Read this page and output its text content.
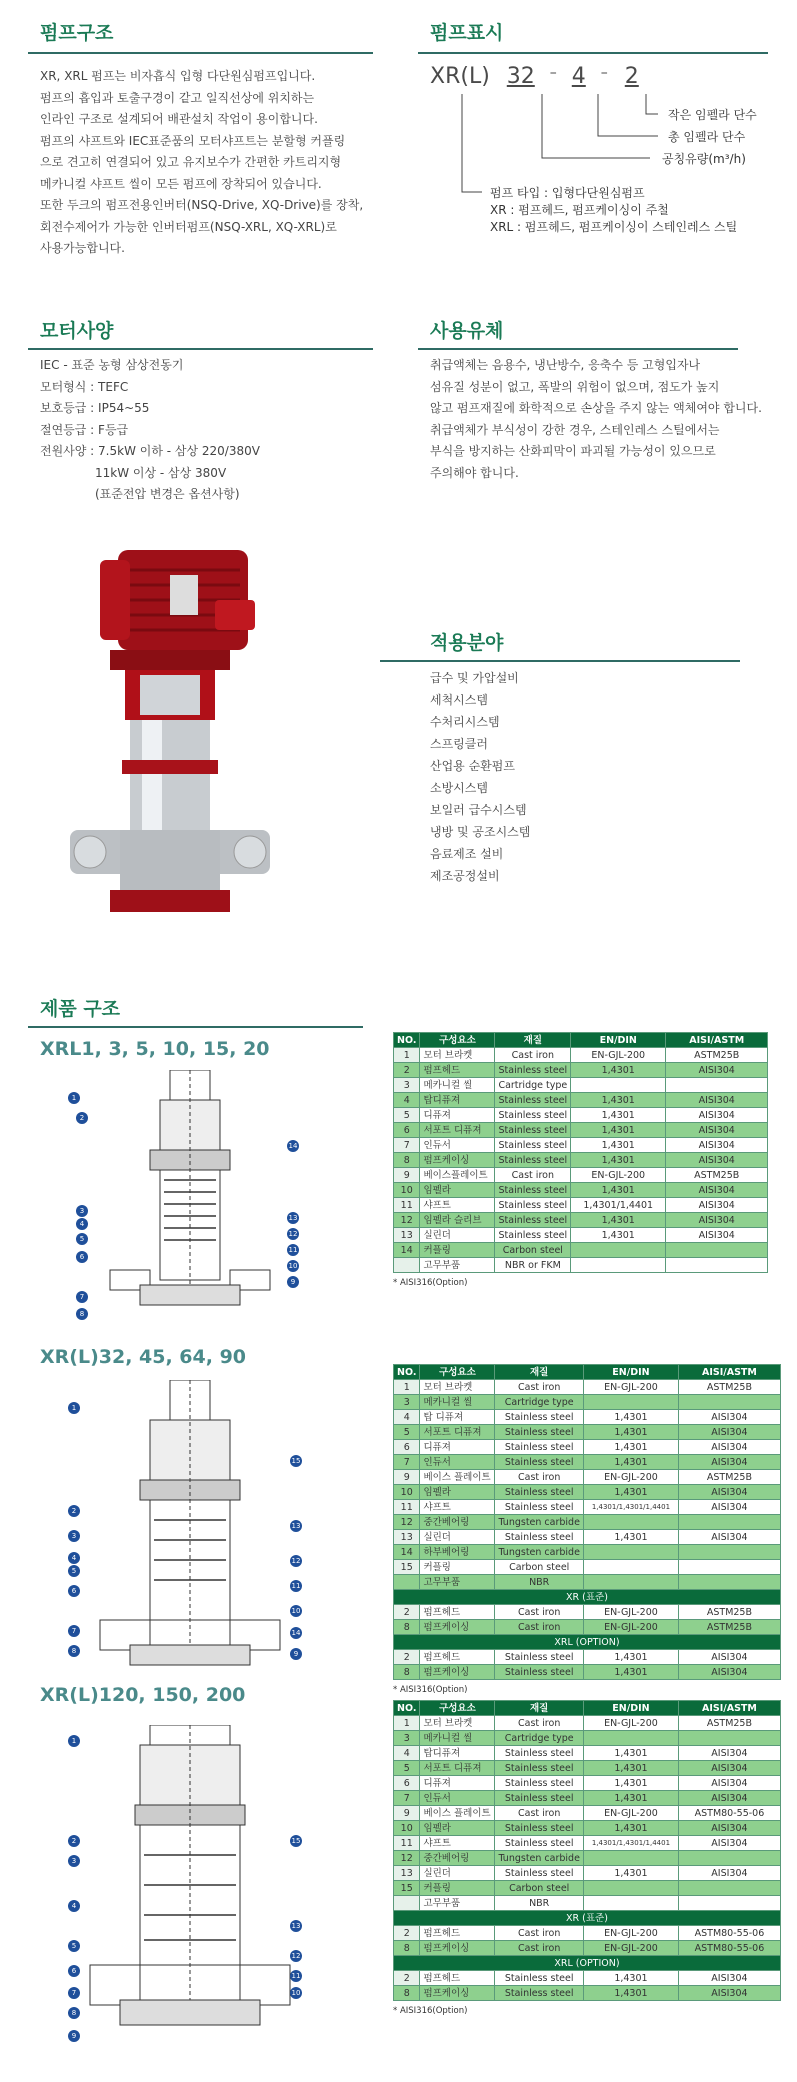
펌프구조
XR, XRL 펌프는 비자흡식 입형 다단원심펌프입니다.
펌프의 흡입과 토출구경이 같고 일직선상에 위치하는
인라인 구조로 설계되어 배관설치 작업이 용이합니다.
펌프의 샤프트와 IEC표준품의 모터샤프트는 분할형 커플링
으로 견고히 연결되어 있고 유지보수가 간편한 카트리지형
메카니컬 샤프트 씰이 모든 펌프에 장착되어 있습니다.
또한 두크의 펌프전용인버터(NSQ-Drive, XQ-Drive)를 장착,
회전수제어가 가능한 인버터펌프(NSQ-XRL, XQ-XRL)로
사용가능합니다.
펌프표시
XR(L) 32 – 4 – 2
작은 임펠라 단수
총 임펠라 단수
공칭유량(m³/h)
펌프 타입 : 입형다단원심펌프
XR : 펌프헤드, 펌프케이싱이 주철
XRL : 펌프헤드, 펌프케이싱이 스테인레스 스틸
모터사양
IEC - 표준 농형 삼상전동기
모터형식 : TEFC
보호등급 : IP54~55
절연등급 : F등급
전원사양 : 7.5kW 이하 - 삼상 220/380V
11kW 이상 - 삼상 380V
(표준전압 변경은 옵션사항)
사용유체
취급액체는 음용수, 냉난방수, 응축수 등 고형입자나
섬유질 성분이 없고, 폭발의 위험이 없으며, 점도가 높지
않고 펌프재질에 화학적으로 손상을 주지 않는 액체여야 합니다.
취급액체가 부식성이 강한 경우, 스테인레스 스틸에서는
부식을 방지하는 산화피막이 파괴될 가능성이 있으므로
주의해야 합니다.
적용분야
급수 및 가압설비
세척시스템
수처리시스템
스프링클러
산업용 순환펌프
소방시스템
보일러 급수시스템
냉방 및 공조시스템
음료제조 설비
제조공정설비
제품 구조
XRL1, 3, 5, 10, 15, 20	NO.	구성요소	재질	EN/DIN	AISI/ASTM
1	모터 브라켓	Cast iron	EN-GJL-200	ASTM25B
2	펌프헤드	Stainless steel	1,4301	AISI304
3	메카니컬 씰	Cartridge type		
4	탑디퓨져	Stainless steel	1,4301	AISI304
5	디퓨져	Stainless steel	1,4301	AISI304
6	서포트 디퓨져	Stainless steel	1,4301	AISI304
7	인듀서	Stainless steel	1,4301	AISI304
8	펌프케이싱	Stainless steel	1,4301	AISI304
9	베이스플레이트	Cast iron	EN-GJL-200	ASTM25B
10	임펠라	Stainless steel	1,4301	AISI304
11	샤프트	Stainless steel	1,4301/1,4401	AISI304
12	임펠라 슬리브	Stainless steel	1,4301	AISI304
13	실린더	Stainless steel	1,4301	AISI304
14	커플링	Carbon steel		
	고무부품	NBR or FKM		
* AISI316(Option)
XR(L)32, 45, 64, 90
NO.	구성요소	재질	EN/DIN	AISI/ASTM
1	모터 브라켓	Cast iron	EN-GJL-200	ASTM25B
3	메카니컬 씰	Cartridge type		
4	탑 디퓨져	Stainless steel	1,4301	AISI304
5	서포트 디퓨져	Stainless steel	1,4301	AISI304
6	디퓨져	Stainless steel	1,4301	AISI304
7	인듀서	Stainless steel	1,4301	AISI304
9	베이스 플레이트	Cast iron	EN-GJL-200	ASTM25B
10	임펠라	Stainless steel	1,4301	AISI304
11	샤프트	Stainless steel	1,4301/1,4301/1,4401	AISI304
12	중간베어링	Tungsten carbide		
13	실린더	Stainless steel	1,4301	AISI304
14	하부베어링	Tungsten carbide		
15	커플링	Carbon steel		
	고무부품	NBR		
XR (표준)				
2	펌프헤드	Cast iron	EN-GJL-200	ASTM25B
8	펌프케이싱	Cast iron	EN-GJL-200	ASTM25B
XRL (OPTION)				
2	펌프헤드	Stainless steel	1,4301	AISI304
8	펌프케이싱	Stainless steel	1,4301	AISI304
* AISI316(Option)
XR(L)120, 150, 200
NO.	구성요소	재질	EN/DIN	AISI/ASTM
1	모터 브라켓	Cast iron	EN-GJL-200	ASTM25B
3	메카니컬 씰	Cartridge type		
4	탑디퓨져	Stainless steel	1,4301	AISI304
5	서포트 디퓨져	Stainless steel	1,4301	AISI304
6	디퓨져	Stainless steel	1,4301	AISI304
7	인듀서	Stainless steel	1,4301	AISI304
9	베이스 플레이트	Cast iron	EN-GJL-200	ASTM80-55-06
10	임펠라	Stainless steel	1,4301	AISI304
11	샤프트	Stainless steel	1,4301/1,4301/1,4401	AISI304
12	중간베어링	Tungsten carbide		
13	실린더	Stainless steel	1,4301	AISI304
15	커플링	Carbon steel		
	고무부품	NBR		
XR (표준)				
2	펌프헤드	Cast iron	EN-GJL-200	ASTM80-55-06
8	펌프케이싱	Cast iron	EN-GJL-200	ASTM80-55-06
XRL (OPTION)				
2	펌프헤드	Stainless steel	1,4301	AISI304
8	펌프케이싱	Stainless steel	1,4301	AISI304
* AISI316(Option)
1
2
3
4
5
6
7
8
14
13
12
11
10
9
1
2
3
4
5
6
7
8
15
13
12
11
10
14
9
1
2
3
4
5
6
7
8
9
15
13
12
11
10
